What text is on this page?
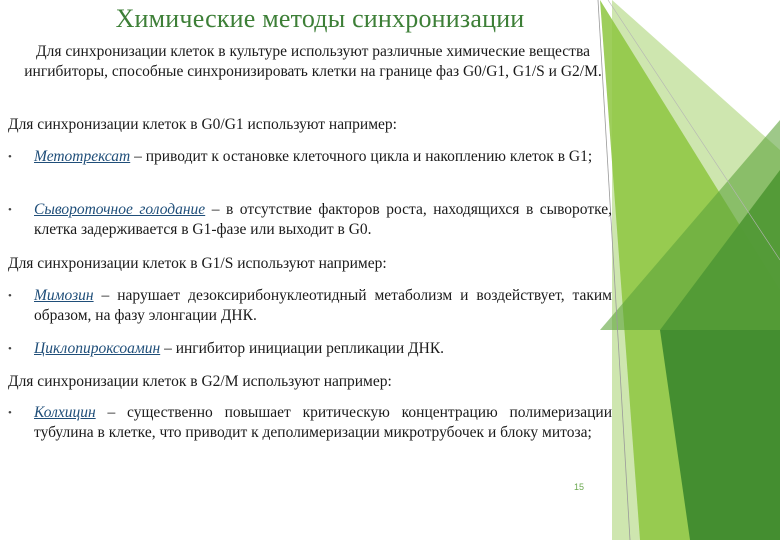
Химические методы синхронизации
Для синхронизации клеток в культуре используют различные химические вещества ингибиторы, способные синхронизировать клетки на границе фаз G0/G1, G1/S и G2/M.
Для синхронизации клеток в G0/G1 используют например:
• Метотрексат – приводит к остановке клеточного цикла и накоплению клеток в G1;
• Сывороточное голодание – в отсутствие факторов роста, находящихся в сыворотке, клетка задерживается в G1-фазе или выходит в G0.
Для синхронизации клеток в G1/S используют например:
• Мимозин – нарушает дезоксирибонуклеотидный метаболизм и воздействует, таким образом, на фазу элонгации ДНК.
• Циклопироксоамин – ингибитор инициации репликации ДНК.
Для синхронизации клеток в G2/M используют например:
• Колхицин – существенно повышает критическую концентрацию полимеризации тубулина в клетке, что приводит к деполимеризации микротрубочек и блоку митоза;
15
